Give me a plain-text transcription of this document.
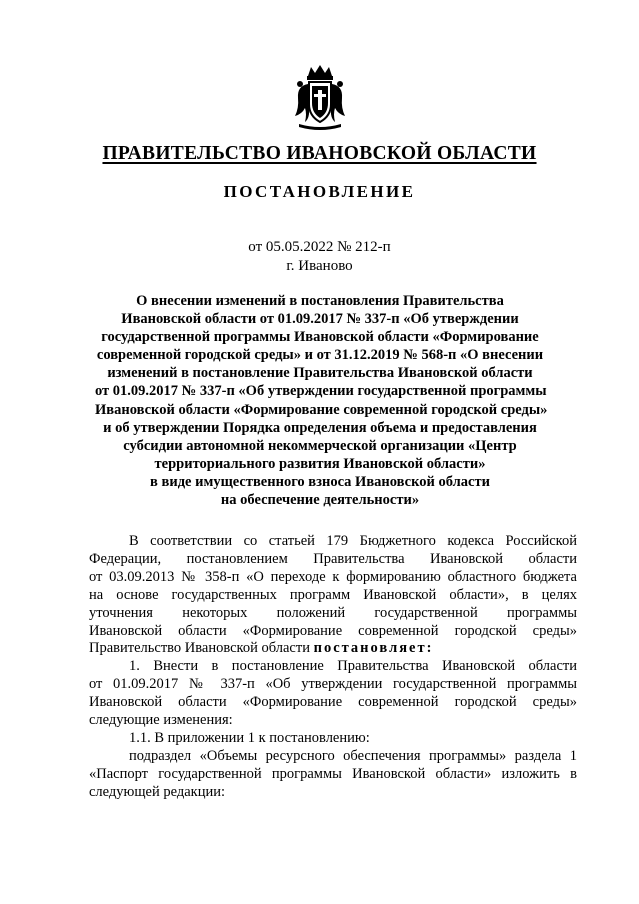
ПРАВИТЕЛЬСТВО ИВАНОВСКОЙ ОБЛАСТИ
ПОСТАНОВЛЕНИЕ
от 05.05.2022 № 212-п
г. Иваново
О внесении изменений в постановления Правительства
Ивановской области от 01.09.2017 № 337-п «Об утверждении
государственной программы Ивановской области «Формирование
современной городской среды» и от 31.12.2019 № 568-п «О внесении
изменений в постановление Правительства Ивановской области
от 01.09.2017 № 337-п «Об утверждении государственной программы
Ивановской области «Формирование современной городской среды»
и об утверждении Порядка определения объема и предоставления
субсидии автономной некоммерческой организации «Центр
территориального развития Ивановской области»
в виде имущественного взноса Ивановской области
на обеспечение деятельности»
В соответствии со статьей 179 Бюджетного кодекса Российской
Федерации, постановлением Правительства Ивановской области
от 03.09.2013 № 358-п «О переходе к формированию областного бюджета
на основе государственных программ Ивановской области», в целях
уточнения некоторых положений государственной программы
Ивановской области «Формирование современной городской среды»
Правительство Ивановской области постановляет:
1. Внести в постановление Правительства Ивановской области
от 01.09.2017 № 337-п «Об утверждении государственной программы
Ивановской области «Формирование современной городской среды»
следующие изменения:
1.1. В приложении 1 к постановлению:
подраздел «Объемы ресурсного обеспечения программы» раздела 1
«Паспорт государственной программы Ивановской области» изложить в
следующей редакции:
